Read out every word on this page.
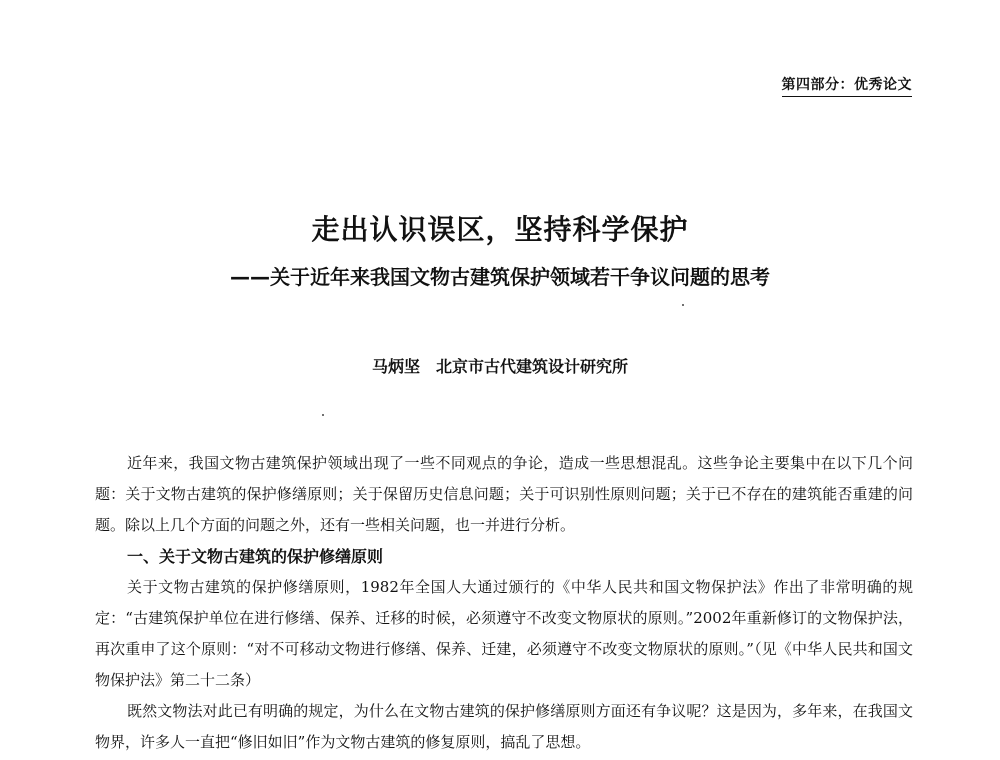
第四部分：优秀论文
走出认识误区，坚持科学保护
——关于近年来我国文物古建筑保护领域若干争议问题的思考
马炳坚 北京市古代建筑设计研究所

近年来，我国文物古建筑保护领域出现了一些不同观点的争论，造成一些思想混乱。这些争论主要集中在以下几个问题：关于文物古建筑的保护修缮原则；关于保留历史信息问题；关于可识别性原则问题；关于已不存在的建筑能否重建的问题。除以上几个方面的问题之外，还有一些相关问题，也一并进行分析。

一、关于文物古建筑的保护修缮原则

关于文物古建筑的保护修缮原则，1982年全国人大通过颁行的《中华人民共和国文物保护法》作出了非常明确的规定：“古建筑保护单位在进行修缮、保养、迁移的时候，必须遵守不改变文物原状的原则。”2002年重新修订的文物保护法，再次重申了这个原则：“对不可移动文物进行修缮、保养、迁建，必须遵守不改变文物原状的原则。”（见《中华人民共和国文物保护法》第二十二条）

既然文物法对此已有明确的规定，为什么在文物古建筑的保护修缮原则方面还有争议呢？这是因为，多年来，在我国文物界，许多人一直把“修旧如旧”作为文物古建筑的修复原则，搞乱了思想。
